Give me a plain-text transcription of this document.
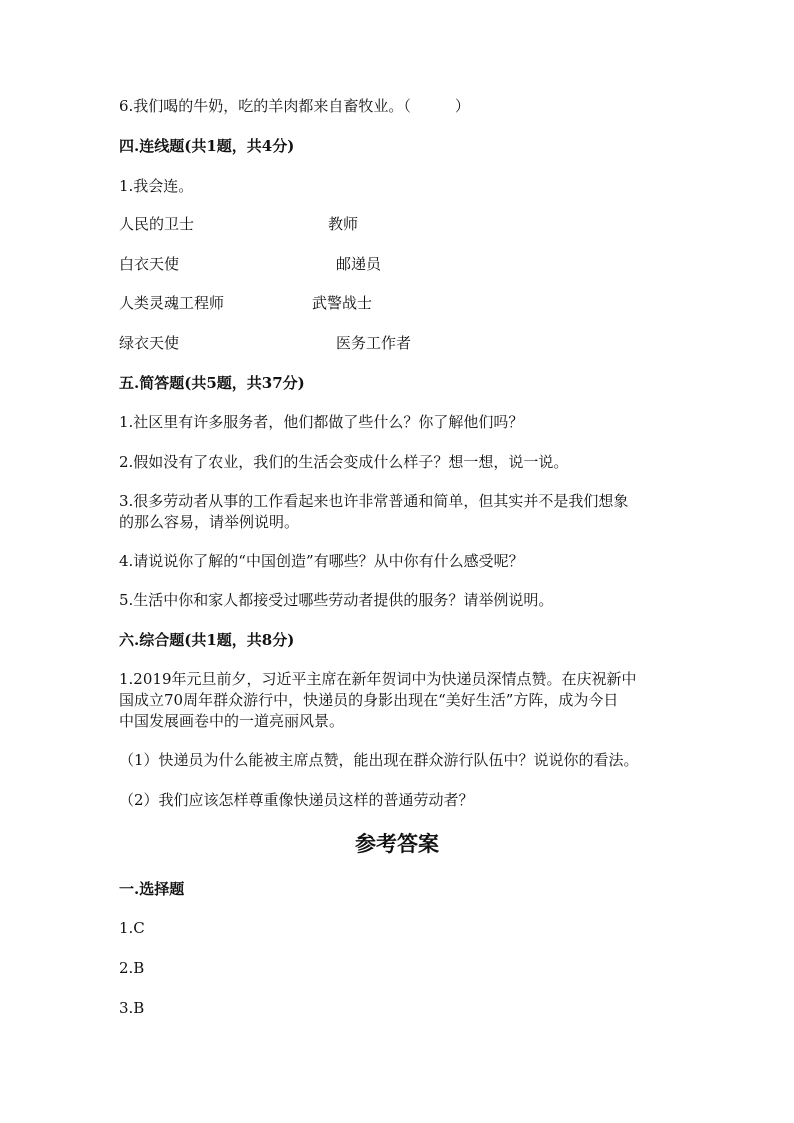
6.我们喝的牛奶，吃的羊肉都来自畜牧业。（	）
四.连线题(共1题，共4分)
1.我会连。
人民的卫士	教师
白衣天使	邮递员
人类灵魂工程师	武警战士
绿衣天使	医务工作者
五.简答题(共5题，共37分)
1.社区里有许多服务者，他们都做了些什么？你了解他们吗？
2.假如没有了农业，我们的生活会变成什么样子？想一想，说一说。
3.很多劳动者从事的工作看起来也许非常普通和简单，但其实并不是我们想象
的那么容易，请举例说明。
4.请说说你了解的“中国创造”有哪些？从中你有什么感受呢？
5.生活中你和家人都接受过哪些劳动者提供的服务？请举例说明。
六.综合题(共1题，共8分)
1.2019年元旦前夕，习近平主席在新年贺词中为快递员深情点赞。在庆祝新中
国成立70周年群众游行中，快递员的身影出现在“美好生活”方阵，成为今日
中国发展画卷中的一道亮丽风景。
（1）快递员为什么能被主席点赞，能出现在群众游行队伍中？说说你的看法。
（2）我们应该怎样尊重像快递员这样的普通劳动者？
参考答案
一.选择题
1.C
2.B
3.B
